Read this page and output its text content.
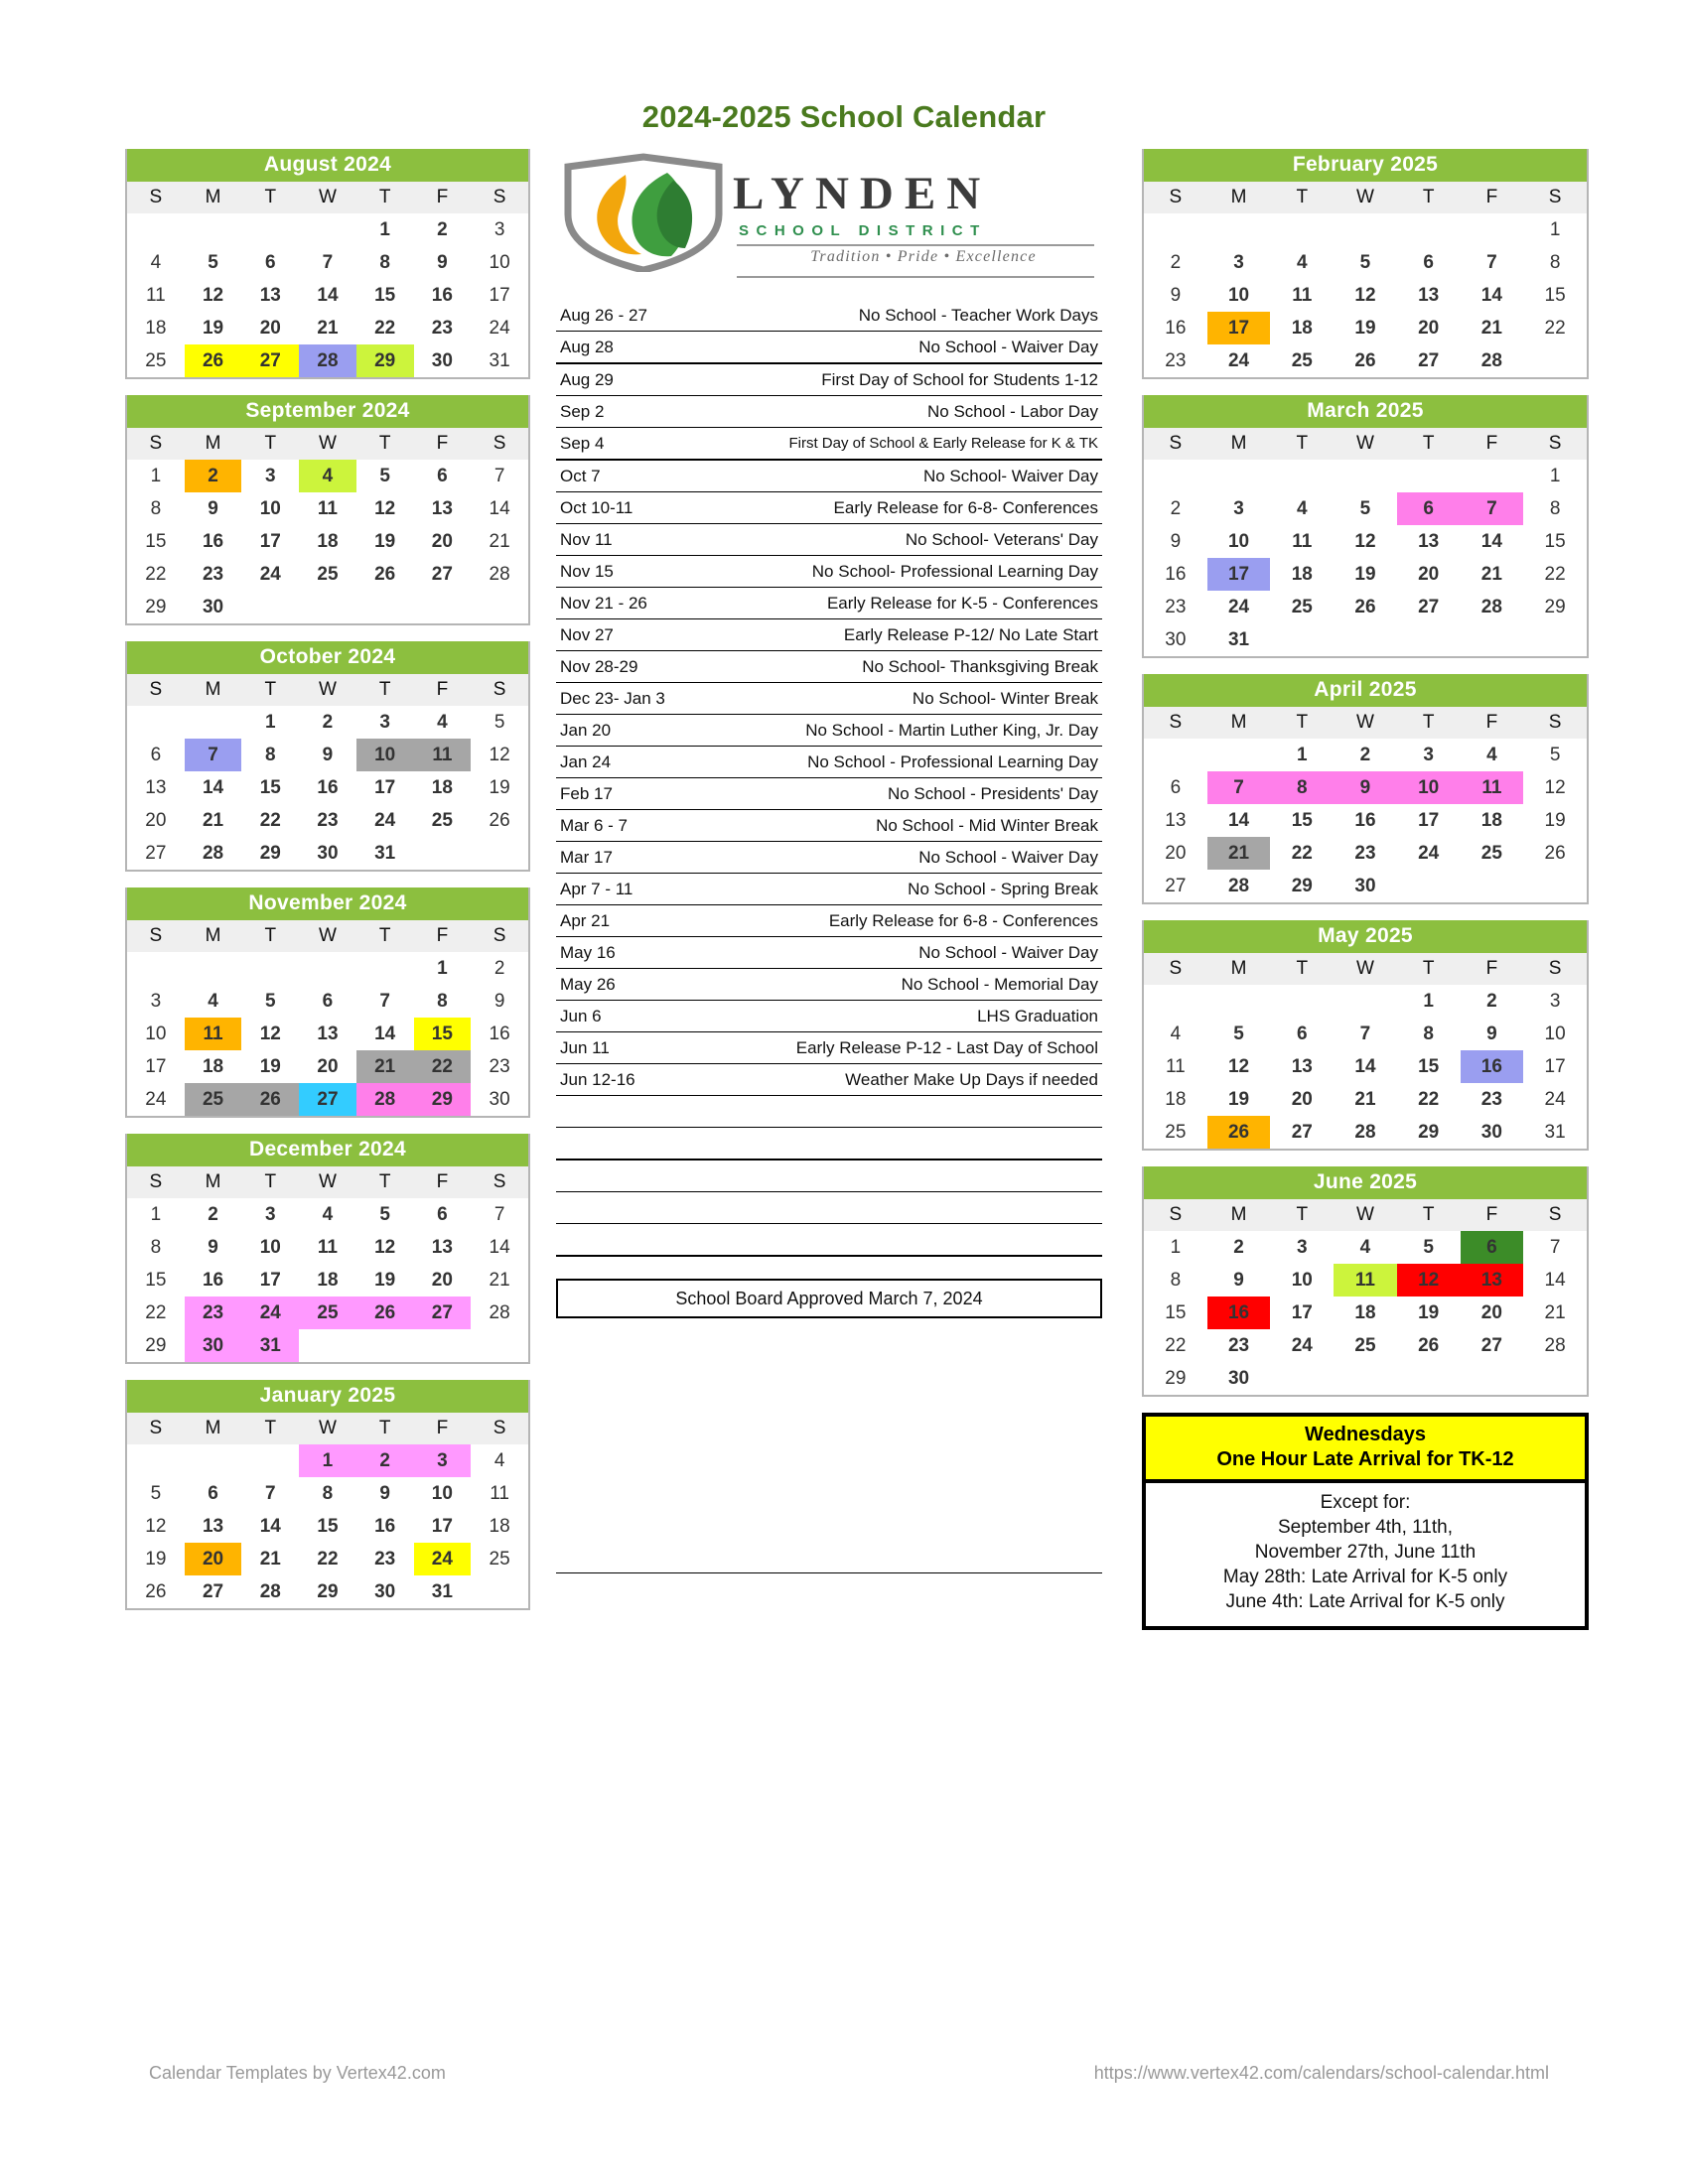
2024-2025 School Calendar
August 2024
S	M	T	W	T	F	S
				1	2	3
4	5	6	7	8	9	10
11	12	13	14	15	16	17
18	19	20	21	22	23	24
25	26	27	28	29	30	31
September 2024
S	M	T	W	T	F	S
1	2	3	4	5	6	7
8	9	10	11	12	13	14
15	16	17	18	19	20	21
22	23	24	25	26	27	28
29	30					
October 2024
S	M	T	W	T	F	S
		1	2	3	4	5
6	7	8	9	10	11	12
13	14	15	16	17	18	19
20	21	22	23	24	25	26
27	28	29	30	31		
November 2024
S	M	T	W	T	F	S
					1	2
3	4	5	6	7	8	9
10	11	12	13	14	15	16
17	18	19	20	21	22	23
24	25	26	27	28	29	30
December 2024
S	M	T	W	T	F	S
1	2	3	4	5	6	7
8	9	10	11	12	13	14
15	16	17	18	19	20	21
22	23	24	25	26	27	28
29	30	31				
January 2025
S	M	T	W	T	F	S
			1	2	3	4
5	6	7	8	9	10	11
12	13	14	15	16	17	18
19	20	21	22	23	24	25
26	27	28	29	30	31	
LYNDEN
SCHOOL DISTRICT
Tradition • Pride • Excellence
Aug 26 - 27	No School - Teacher Work Days
Aug 28	No School - Waiver Day
Aug 29	First Day of School for Students 1-12
Sep 2	No School - Labor Day
Sep 4	First Day of School & Early Release for K & TK
Oct 7	No School- Waiver Day
Oct 10-11	Early Release for 6-8- Conferences
Nov 11	No School- Veterans' Day
Nov 15	No School- Professional Learning Day
Nov 21 - 26	Early Release for K-5 - Conferences
Nov 27	Early Release P-12/ No Late Start
Nov 28-29	No School- Thanksgiving Break
Dec 23- Jan 3	No School- Winter Break
Jan 20	No School - Martin Luther King, Jr. Day
Jan 24	No School - Professional Learning Day
Feb 17	No School - Presidents' Day
Mar 6 - 7	No School - Mid Winter Break
Mar 17	No School - Waiver Day
Apr 7 - 11	No School - Spring Break
Apr 21	Early Release for 6-8 - Conferences
May 16	No School - Waiver Day
May 26	No School - Memorial Day
Jun 6	LHS Graduation
Jun 11	Early Release P-12 - Last Day of School
Jun 12-16	Weather Make Up Days if needed
School Board Approved March 7, 2024
February 2025
S	M	T	W	T	F	S
						1
2	3	4	5	6	7	8
9	10	11	12	13	14	15
16	17	18	19	20	21	22
23	24	25	26	27	28	
March 2025
S	M	T	W	T	F	S
						1
2	3	4	5	6	7	8
9	10	11	12	13	14	15
16	17	18	19	20	21	22
23	24	25	26	27	28	29
30	31					
April 2025
S	M	T	W	T	F	S
		1	2	3	4	5
6	7	8	9	10	11	12
13	14	15	16	17	18	19
20	21	22	23	24	25	26
27	28	29	30			
May 2025
S	M	T	W	T	F	S
				1	2	3
4	5	6	7	8	9	10
11	12	13	14	15	16	17
18	19	20	21	22	23	24
25	26	27	28	29	30	31
June 2025
S	M	T	W	T	F	S
1	2	3	4	5	6	7
8	9	10	11	12	13	14
15	16	17	18	19	20	21
22	23	24	25	26	27	28
29	30					
Wednesdays
One Hour Late Arrival for TK-12
Except for:
September 4th, 11th,
November 27th, June 11th
May 28th: Late Arrival for K-5 only
June 4th: Late Arrival for K-5 only
Calendar Templates by Vertex42.com	https://www.vertex42.com/calendars/school-calendar.html
